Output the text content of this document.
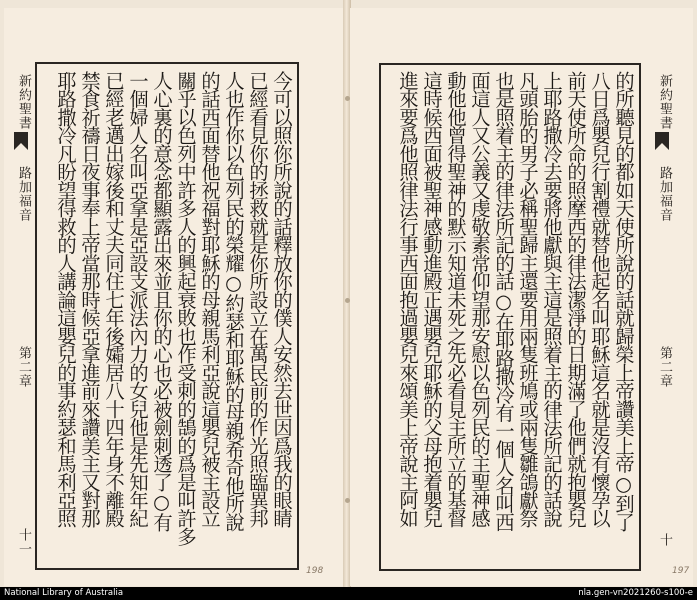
新約聖書
路加福音
第二章
十一

今可以照你所說的話釋放你的僕人安然去世因爲我的眼睛

已經看見你的拯救就是你所設立在萬民前的作光照臨異邦

人也作你以色列民的榮耀○約瑟和耶穌的母親希奇他所說

的話西面替他祝福對耶穌的母親馬利亞說這嬰兒被主設立

關乎以色列中許多人的興起衰敗也作受刺的鵠的爲是叫許多

人心裏的意念都顯露出來並且你的心也必被劍刺透了○有

一個婦人名叫亞拿是亞設支派法內力的女兒他是先知年紀

已經老邁出嫁後和丈夫同住七年後孀居八十四年身不離殿

禁食祈禱日夜事奉上帝當那時候亞拿進前來讚美主又對那

耶路撒冷凡盼望得救的人講論這嬰兒的事約瑟和馬利亞照	新約聖書
路加福音
第二章
十

的所聽見的都如天使所說的話就歸榮上帝讚美上帝○到了

八日爲嬰兒行割禮就替他起名叫耶穌這名就是沒有懷孕以

前天使所命的照摩西的律法潔淨的日期滿了他們就抱嬰兒

上耶路撒冷去要將他獻與主這是照着主的律法所記的話說

凡頭胎的男子必稱聖歸主還要用兩隻班鳩或兩隻雛鴿獻祭

也是照着主的律法所記的話○在耶路撒冷有一個人名叫西

面這人又公義又虔敬素常仰望那安慰以色列民的主聖神感

動他他曾得聖神的默示知道未死之先必看見主所立的基督

這時候西面被聖神感動進殿正遇嬰兒耶穌的父母抱着嬰兒

進來要爲他照律法行事西面抱過嬰兒來頌美上帝說主阿如

198	197
National Library of Australia	nla.gen-vn2021260-s100-e
